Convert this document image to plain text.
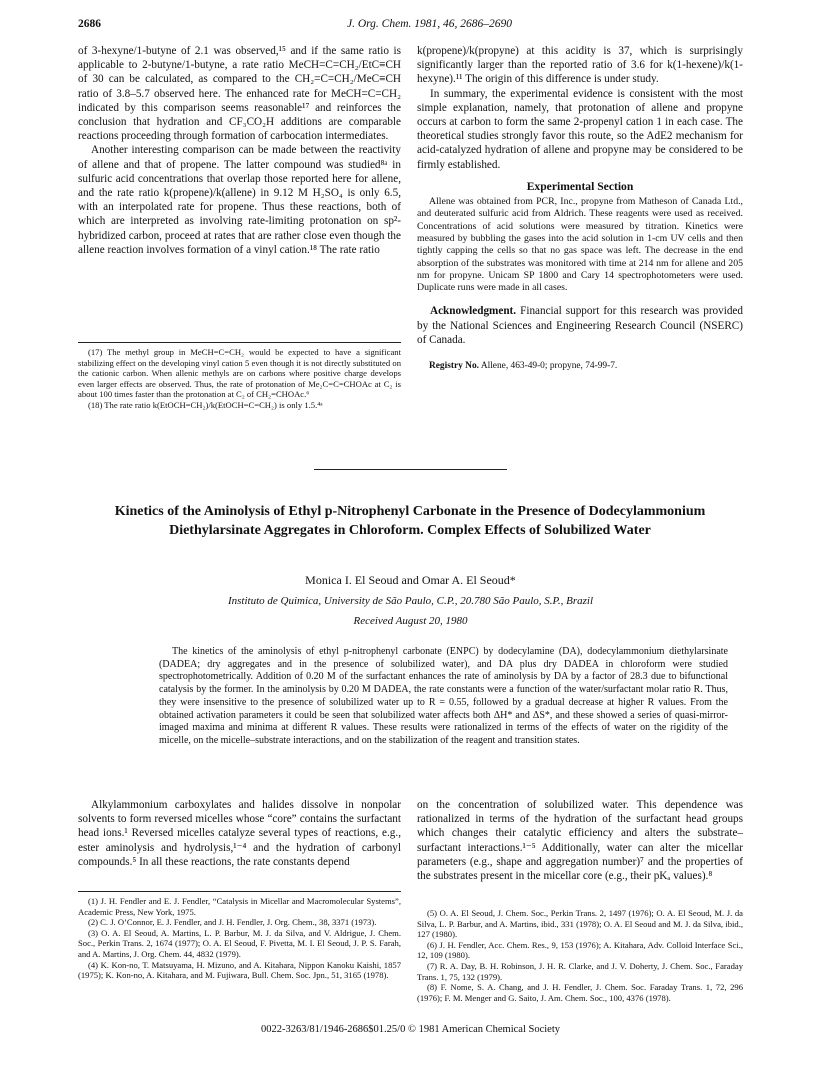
2686	J. Org. Chem. 1981, 46, 2686–2690

of 3-hexyne/1-butyne of 2.1 was observed,¹⁵ and if the same ratio is applicable to 2-butyne/1-butyne, a rate ratio MeCH=C=CH₂/EtC≡CH of 30 can be calculated, as compared to the CH₂=C=CH₂/MeC≡CH ratio of 3.8–5.7 observed here. The enhanced rate for MeCH=C=CH₂ indicated by this comparison seems reasonable¹⁷ and reinforces the conclusion that hydration and CF₃CO₂H additions are comparable reactions proceeding through formation of carbocation intermediates.

Another interesting comparison can be made between the reactivity of allene and that of propene. The latter compound was studied⁸ᵃ in sulfuric acid concentrations that overlap those reported here for allene, and the rate ratio k(propene)/k(allene) in 9.12 M H₂SO₄ is only 6.5, with an interpolated rate for propene. Thus these reactions, both of which are interpreted as involving rate-limiting protonation on sp²-hybridized carbon, proceed at rates that are rather close even though the allene reaction involves formation of a vinyl cation.¹⁸ The rate ratio

(17) The methyl group in MeCH=C=CH₂ would be expected to have a significant stabilizing effect on the developing vinyl cation 5 even though it is not directly substituted on the cationic carbon. When allenic methyls are on carbons where positive charge develops even larger effects are observed. Thus, the rate of protonation of Me₂C=C=CHOAc at C₂ is about 100 times faster than the protonation at C₂ of CH₂=CHOAc.⁶

(18) The rate ratio k(EtOCH=CH₂)/k(EtOCH=C=CH₂) is only 1.5.⁴ᵃ

k(propene)/k(propyne) at this acidity is 37, which is surprisingly significantly larger than the reported ratio of 3.6 for k(1-hexene)/k(1-hexyne).¹¹ The origin of this difference is under study.

In summary, the experimental evidence is consistent with the most simple explanation, namely, that protonation of allene and propyne occurs at carbon to form the same 2-propenyl cation 1 in each case. The theoretical studies strongly favor this route, so the AdE2 mechanism for acid-catalyzed hydration of allene and propyne may be considered to be firmly established.

Experimental Section

Allene was obtained from PCR, Inc., propyne from Matheson of Canada Ltd., and deuterated sulfuric acid from Aldrich. These reagents were used as received. Concentrations of acid solutions were measured by titration. Kinetics were measured by bubbling the gases into the acid solution in 1-cm UV cells and then tightly capping the cells so that no gas space was left. The decrease in the end absorption of the substrates was monitored with time at 214 nm for allene and 205 nm for propyne. Unicam SP 1800 and Cary 14 spectrophotometers were used. Duplicate runs were made in all cases.

Acknowledgment. Financial support for this research was provided by the National Sciences and Engineering Research Council (NSERC) of Canada.

Registry No. Allene, 463-49-0; propyne, 74-99-7.

Kinetics of the Aminolysis of Ethyl p-Nitrophenyl Carbonate in the Presence of Dodecylammonium Diethylarsinate Aggregates in Chloroform. Complex Effects of Solubilized Water
Monica I. El Seoud and Omar A. El Seoud*
Instituto de Quimica, University de São Paulo, C.P., 20.780 São Paulo, S.P., Brazil
Received August 20, 1980
The kinetics of the aminolysis of ethyl p-nitrophenyl carbonate (ENPC) by dodecylamine (DA), dodecylammonium diethylarsinate (DADEA; dry aggregates and in the presence of solubilized water), and DA plus dry DADEA in chloroform were studied spectrophotometrically. Addition of 0.20 M of the surfactant enhances the rate of aminolysis by DA by a factor of 28.3 due to bifunctional catalysis by the former. In the aminolysis by 0.20 M DADEA, the rate constants were a function of the water/surfactant molar ratio R. Thus, they were insensitive to the presence of solubilized water up to R = 0.55, followed by a gradual decrease at higher R values. From the obtained activation parameters it could be seen that solubilized water affects both ΔH* and ΔS*, and these showed a series of quasi-mirror-imaged maxima and minima at different R values. These results were rationalized in terms of the effects of water on the rigidity of the micelle, on the micelle–substrate interactions, and on the stabilization of the reagent and transition states.

Alkylammonium carboxylates and halides dissolve in nonpolar solvents to form reversed micelles whose “core” contains the surfactant head ions.¹ Reversed micelles catalyze several types of reactions, e.g., ester aminolysis and hydrolysis,¹⁻⁴ and the hydration of carbonyl compounds.⁵ In all these reactions, the rate constants depend

on the concentration of solubilized water. This dependence was rationalized in terms of the hydration of the surfactant head groups which changes their catalytic efficiency and alters the substrate–surfactant interactions.¹⁻⁵ Additionally, water can alter the micellar parameters (e.g., shape and aggregation number)⁷ and the properties of the substrates present in the micellar core (e.g., their pKₐ values).⁸

(1) J. H. Fendler and E. J. Fendler, “Catalysis in Micellar and Macromolecular Systems”, Academic Press, New York, 1975.

(2) C. J. O’Connor, E. J. Fendler, and J. H. Fendler, J. Org. Chem., 38, 3371 (1973).

(3) O. A. El Seoud, A. Martins, L. P. Barbur, M. J. da Silva, and V. Aldrigue, J. Chem. Soc., Perkin Trans. 2, 1674 (1977); O. A. El Seoud, F. Pivetta, M. I. El Seoud, J. P. S. Farah, and A. Martins, J. Org. Chem. 44, 4832 (1979).

(4) K. Kon-no, T. Matsuyama, H. Mizuno, and A. Kitahara, Nippon Kanoku Kaishi, 1857 (1975); K. Kon-no, A. Kitahara, and M. Fujiwara, Bull. Chem. Soc. Jpn., 51, 3165 (1978).

(5) O. A. El Seoud, J. Chem. Soc., Perkin Trans. 2, 1497 (1976); O. A. El Seoud, M. J. da Silva, L. P. Barbur, and A. Martins, ibid., 331 (1978); O. A. El Seoud and M. J. da Silva, ibid., 127 (1980).

(6) J. H. Fendler, Acc. Chem. Res., 9, 153 (1976); A. Kitahara, Adv. Colloid Interface Sci., 12, 109 (1980).

(7) R. A. Day, B. H. Robinson, J. H. R. Clarke, and J. V. Doherty, J. Chem. Soc., Faraday Trans. 1, 75, 132 (1979).

(8) F. Nome, S. A. Chang, and J. H. Fendler, J. Chem. Soc. Faraday Trans. 1, 72, 296 (1976); F. M. Menger and G. Saito, J. Am. Chem. Soc., 100, 4376 (1978).

0022-3263/81/1946-2686$01.25/0 © 1981 American Chemical Society
